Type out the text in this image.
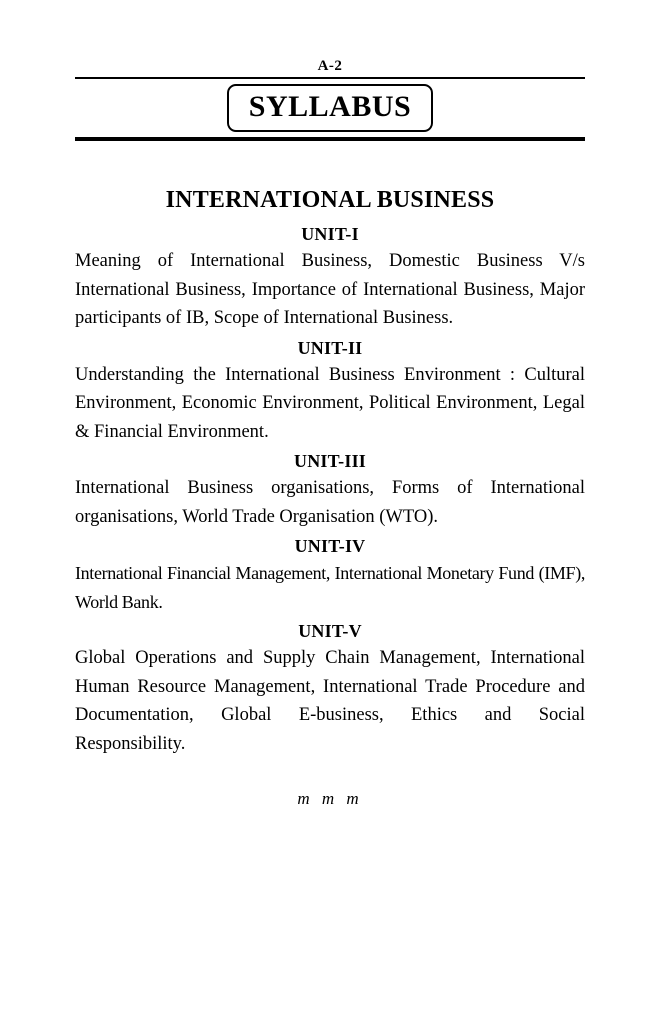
A-2
SYLLABUS
INTERNATIONAL BUSINESS
UNIT-I

Meaning of International Business, Domestic Business V/s International Business, Importance of International Business, Major participants of IB, Scope of International Business.

UNIT-II

Understanding the International Business Environment : Cultural Environment, Economic Environment, Political Environment, Legal & Financial Environment.

UNIT-III

International Business organisations, Forms of International organisations, World Trade Organisation (WTO).

UNIT-IV

International Financial Management, International Monetary Fund (IMF), World Bank.

UNIT-V

Global Operations and Supply Chain Management, International Human Resource Management, International Trade Procedure and Documentation, Global E-business, Ethics and Social Responsibility.

m m m
